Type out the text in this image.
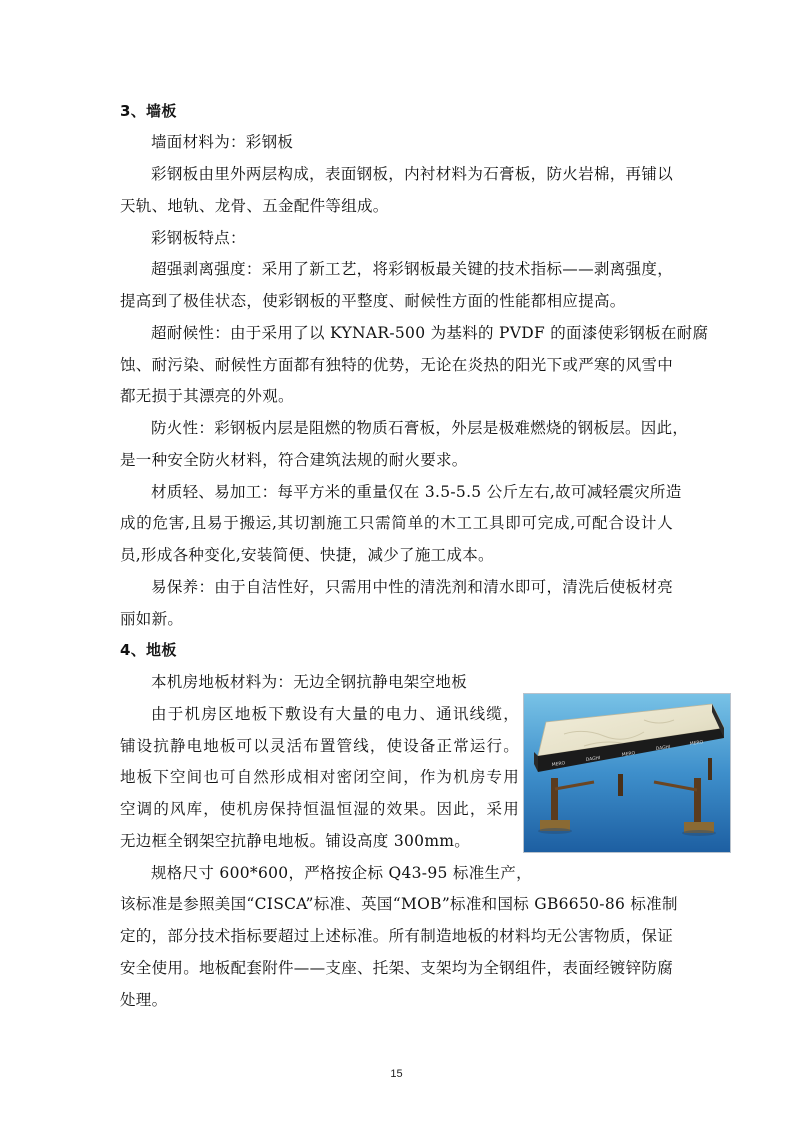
3、墙板
墙面材料为：彩钢板
彩钢板由里外两层构成，表面钢板，内衬材料为石膏板，防火岩棉，再铺以
天轨、地轨、龙骨、五金配件等组成。
彩钢板特点：
超强剥离强度：采用了新工艺，将彩钢板最关键的技术指标——剥离强度，
提高到了极佳状态，使彩钢板的平整度、耐候性方面的性能都相应提高。
超耐候性：由于采用了以 KYNAR-500 为基料的 PVDF 的面漆使彩钢板在耐腐
蚀、耐污染、耐候性方面都有独特的优势，无论在炎热的阳光下或严寒的风雪中
都无损于其漂亮的外观。
防火性：彩钢板内层是阻燃的物质石膏板，外层是极难燃烧的钢板层。因此，
是一种安全防火材料，符合建筑法规的耐火要求。
材质轻、易加工：每平方米的重量仅在 3.5-5.5 公斤左右,故可减轻震灾所造
成的危害,且易于搬运,其切割施工只需简单的木工工具即可完成,可配合设计人
员,形成各种变化,安装简便、快捷，减少了施工成本。
易保养：由于自洁性好，只需用中性的清洗剂和清水即可，清洗后使板材亮
丽如新。
4、地板
本机房地板材料为：无边全钢抗静电架空地板
由于机房区地板下敷设有大量的电力、通讯线缆，
铺设抗静电地板可以灵活布置管线，使设备正常运行。
地板下空间也可自然形成相对密闭空间，作为机房专用
空调的风库，使机房保持恒温恒湿的效果。因此，采用
无边框全钢架空抗静电地板。铺设高度 300mm。
规格尺寸 600*600，严格按企标 Q43-95 标准生产，
该标准是参照美国“CISCA”标准、英国“MOB”标准和国标 GB6650-86 标准制
定的，部分技术指标要超过上述标准。所有制造地板的材料均无公害物质，保证
安全使用。地板配套附件——支座、托架、支架均为全钢组件，表面经镀锌防腐
处理。
MERO
DAGHI
MERO
DAGHI
MERO
15
